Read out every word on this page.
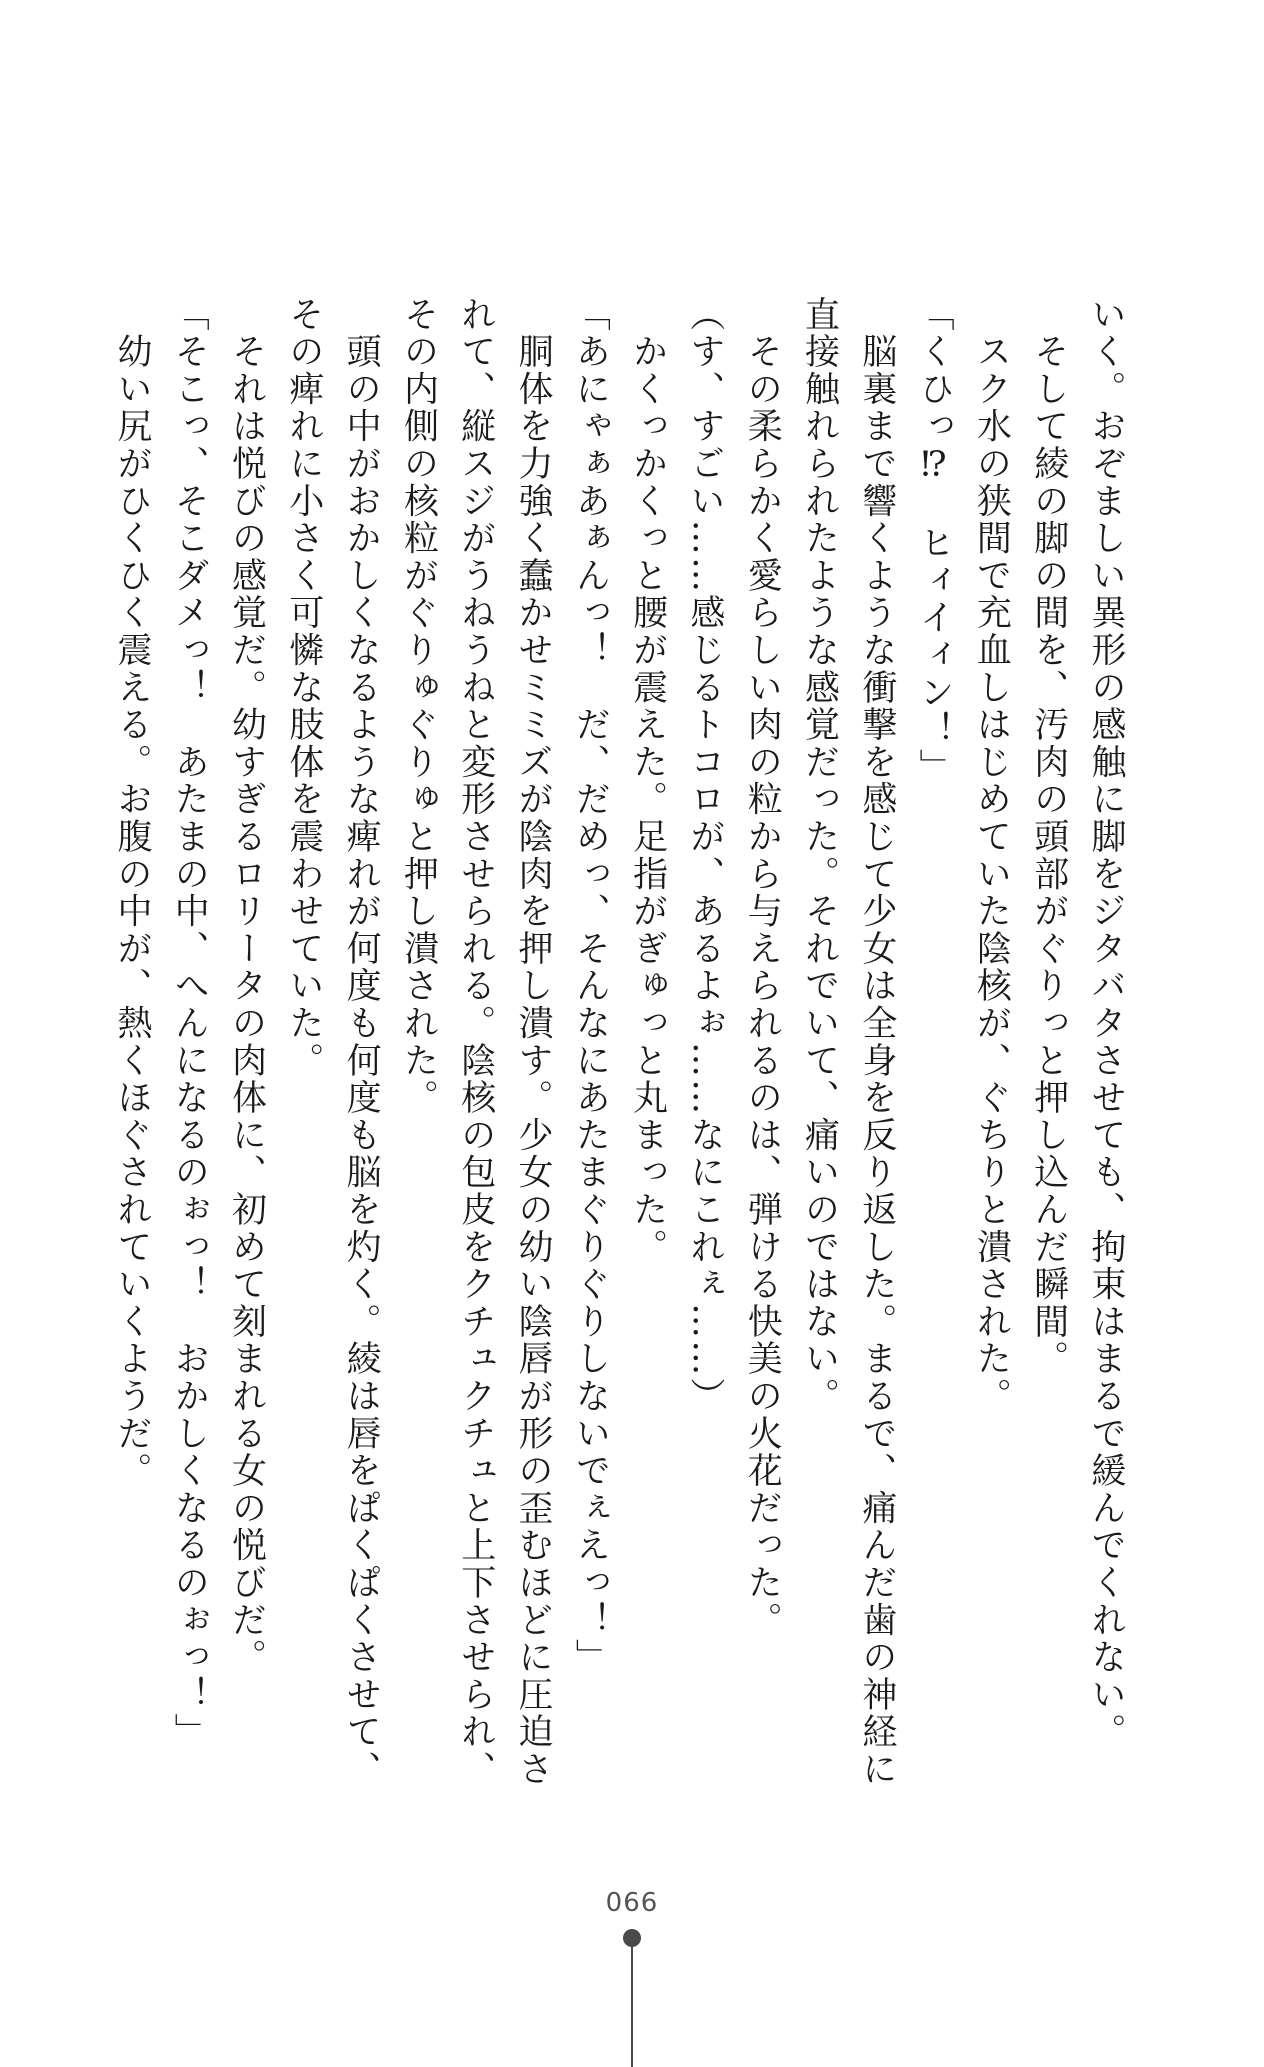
いく。おぞましい異形の感触に脚をジタバタさせても、拘束はまるで緩んでくれない。

　そして綾の脚の間を、汚肉の頭部がぐりっと押し込んだ瞬間。

　スク水の狭間で充血しはじめていた陰核が、ぐちりと潰された。

「くひっ⁉　ヒィイィン！」

　脳裏まで響くような衝撃を感じて少女は全身を反り返した。まるで、痛んだ歯の神経に

直接触れられたような感覚だった。それでいて、痛いのではない。

　その柔らかく愛らしい肉の粒から与えられるのは、弾ける快美の火花だった。

（す、すごい……感じるトコロが、あるよぉ……なにこれぇ……）

　かくっかくっと腰が震えた。足指がぎゅっと丸まった。

「あにゃぁあぁんっ！　だ、だめっ、そんなにあたまぐりぐりしないでぇえっ！」

　胴体を力強く蠢かせミミズが陰肉を押し潰す。少女の幼い陰唇が形の歪むほどに圧迫さ

れて、縦スジがうねうねと変形させられる。陰核の包皮をクチュクチュと上下させられ、

その内側の核粒がぐりゅぐりゅと押し潰された。

　頭の中がおかしくなるような痺れが何度も何度も脳を灼く。綾は唇をぱくぱくさせて、

その痺れに小さく可憐な肢体を震わせていた。

　それは悦びの感覚だ。幼すぎるロリータの肉体に、初めて刻まれる女の悦びだ。

「そこっ、そこダメっ！　あたまの中、へんになるのぉっ！　おかしくなるのぉっ！」

　幼い尻がひくひく震える。お腹の中が、熱くほぐされていくようだ。

066
